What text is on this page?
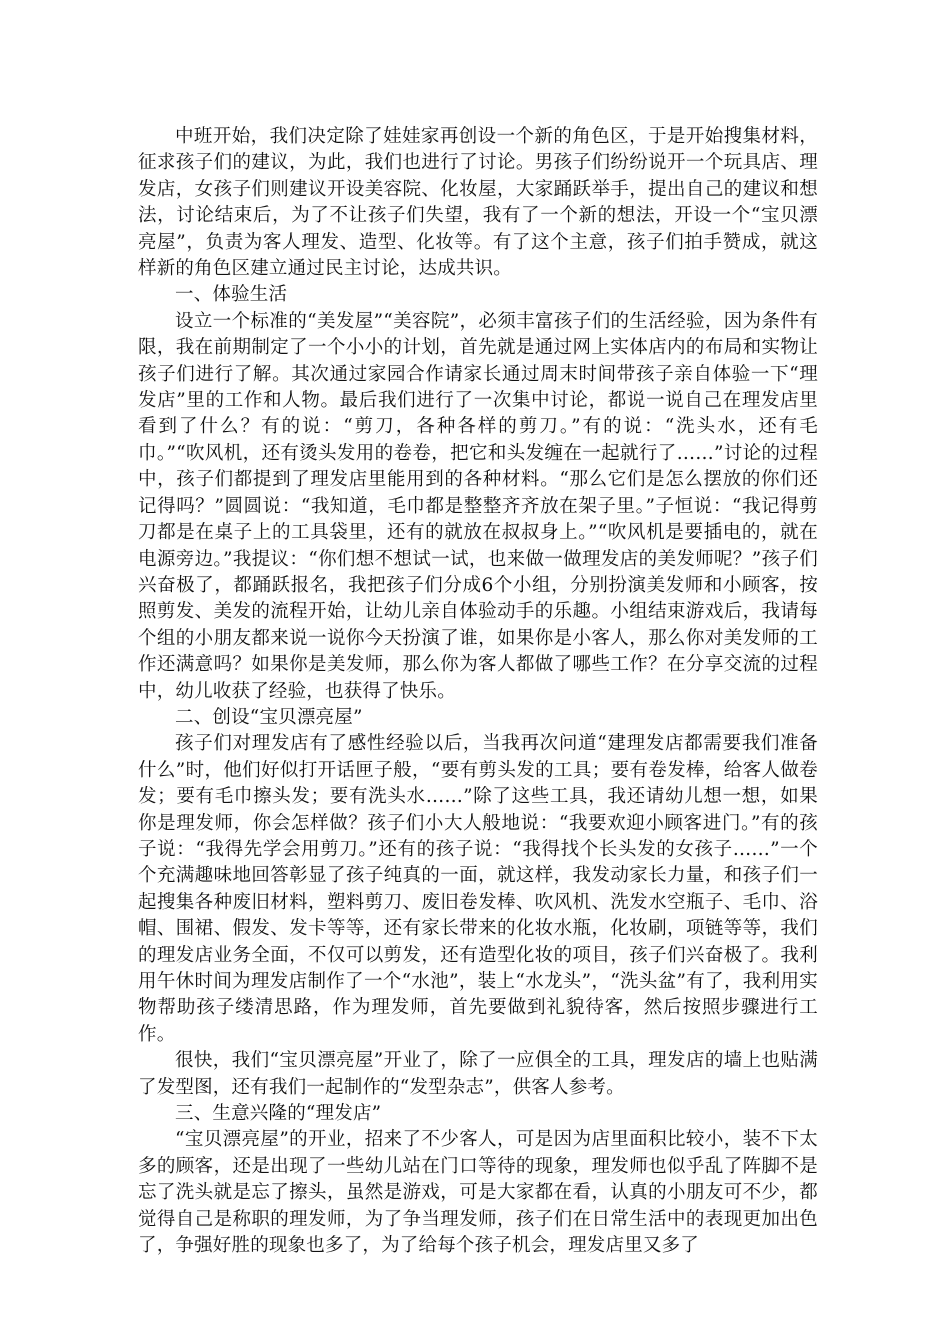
中班开始，我们决定除了娃娃家再创设一个新的角色区，于是开始搜集材料，征求孩子们的建议，为此，我们也进行了讨论。男孩子们纷纷说开一个玩具店、理发店，女孩子们则建议开设美容院、化妆屋，大家踊跃举手，提出自己的建议和想法，讨论结束后，为了不让孩子们失望，我有了一个新的想法，开设一个“宝贝漂亮屋”，负责为客人理发、造型、化妆等。有了这个主意，孩子们拍手赞成，就这样新的角色区建立通过民主讨论，达成共识。

一、体验生活

设立一个标准的“美发屋”“美容院”，必须丰富孩子们的生活经验，因为条件有限，我在前期制定了一个小小的计划，首先就是通过网上实体店内的布局和实物让孩子们进行了解。其次通过家园合作请家长通过周末时间带孩子亲自体验一下“理发店”里的工作和人物。最后我们进行了一次集中讨论，都说一说自己在理发店里看到了什么？有的说：“剪刀，各种各样的剪刀。”有的说：“洗头水，还有毛巾。”“吹风机，还有烫头发用的卷卷，把它和头发缠在一起就行了……”讨论的过程中，孩子们都提到了理发店里能用到的各种材料。“那么它们是怎么摆放的你们还记得吗？”圆圆说：“我知道，毛巾都是整整齐齐放在架子里。”子恒说：“我记得剪刀都是在桌子上的工具袋里，还有的就放在叔叔身上。”“吹风机是要插电的，就在电源旁边。”我提议：“你们想不想试一试，也来做一做理发店的美发师呢？”孩子们兴奋极了，都踊跃报名，我把孩子们分成6个小组，分别扮演美发师和小顾客，按照剪发、美发的流程开始，让幼儿亲自体验动手的乐趣。小组结束游戏后，我请每个组的小朋友都来说一说你今天扮演了谁，如果你是小客人，那么你对美发师的工作还满意吗？如果你是美发师，那么你为客人都做了哪些工作？在分享交流的过程中，幼儿收获了经验，也获得了快乐。

二、创设“宝贝漂亮屋”

孩子们对理发店有了感性经验以后，当我再次问道“建理发店都需要我们准备什么”时，他们好似打开话匣子般，“要有剪头发的工具；要有卷发棒，给客人做卷发；要有毛巾擦头发；要有洗头水……”除了这些工具，我还请幼儿想一想，如果你是理发师，你会怎样做？孩子们小大人般地说：“我要欢迎小顾客进门。”有的孩子说：“我得先学会用剪刀。”还有的孩子说：“我得找个长头发的女孩子……”一个个充满趣味地回答彰显了孩子纯真的一面，就这样，我发动家长力量，和孩子们一起搜集各种废旧材料，塑料剪刀、废旧卷发棒、吹风机、洗发水空瓶子、毛巾、浴帽、围裙、假发、发卡等等，还有家长带来的化妆水瓶，化妆刷，项链等等，我们的理发店业务全面，不仅可以剪发，还有造型化妆的项目，孩子们兴奋极了。我利用午休时间为理发店制作了一个“水池”，装上“水龙头”，“洗头盆”有了，我利用实物帮助孩子缕清思路，作为理发师，首先要做到礼貌待客，然后按照步骤进行工作。

很快，我们“宝贝漂亮屋”开业了，除了一应俱全的工具，理发店的墙上也贴满了发型图，还有我们一起制作的“发型杂志”，供客人参考。

三、生意兴隆的“理发店”

“宝贝漂亮屋”的开业，招来了不少客人，可是因为店里面积比较小，装不下太多的顾客，还是出现了一些幼儿站在门口等待的现象，理发师也似乎乱了阵脚不是忘了洗头就是忘了擦头，虽然是游戏，可是大家都在看，认真的小朋友可不少，都觉得自己是称职的理发师，为了争当理发师，孩子们在日常生活中的表现更加出色了，争强好胜的现象也多了，为了给每个孩子机会，理发店里又多了
